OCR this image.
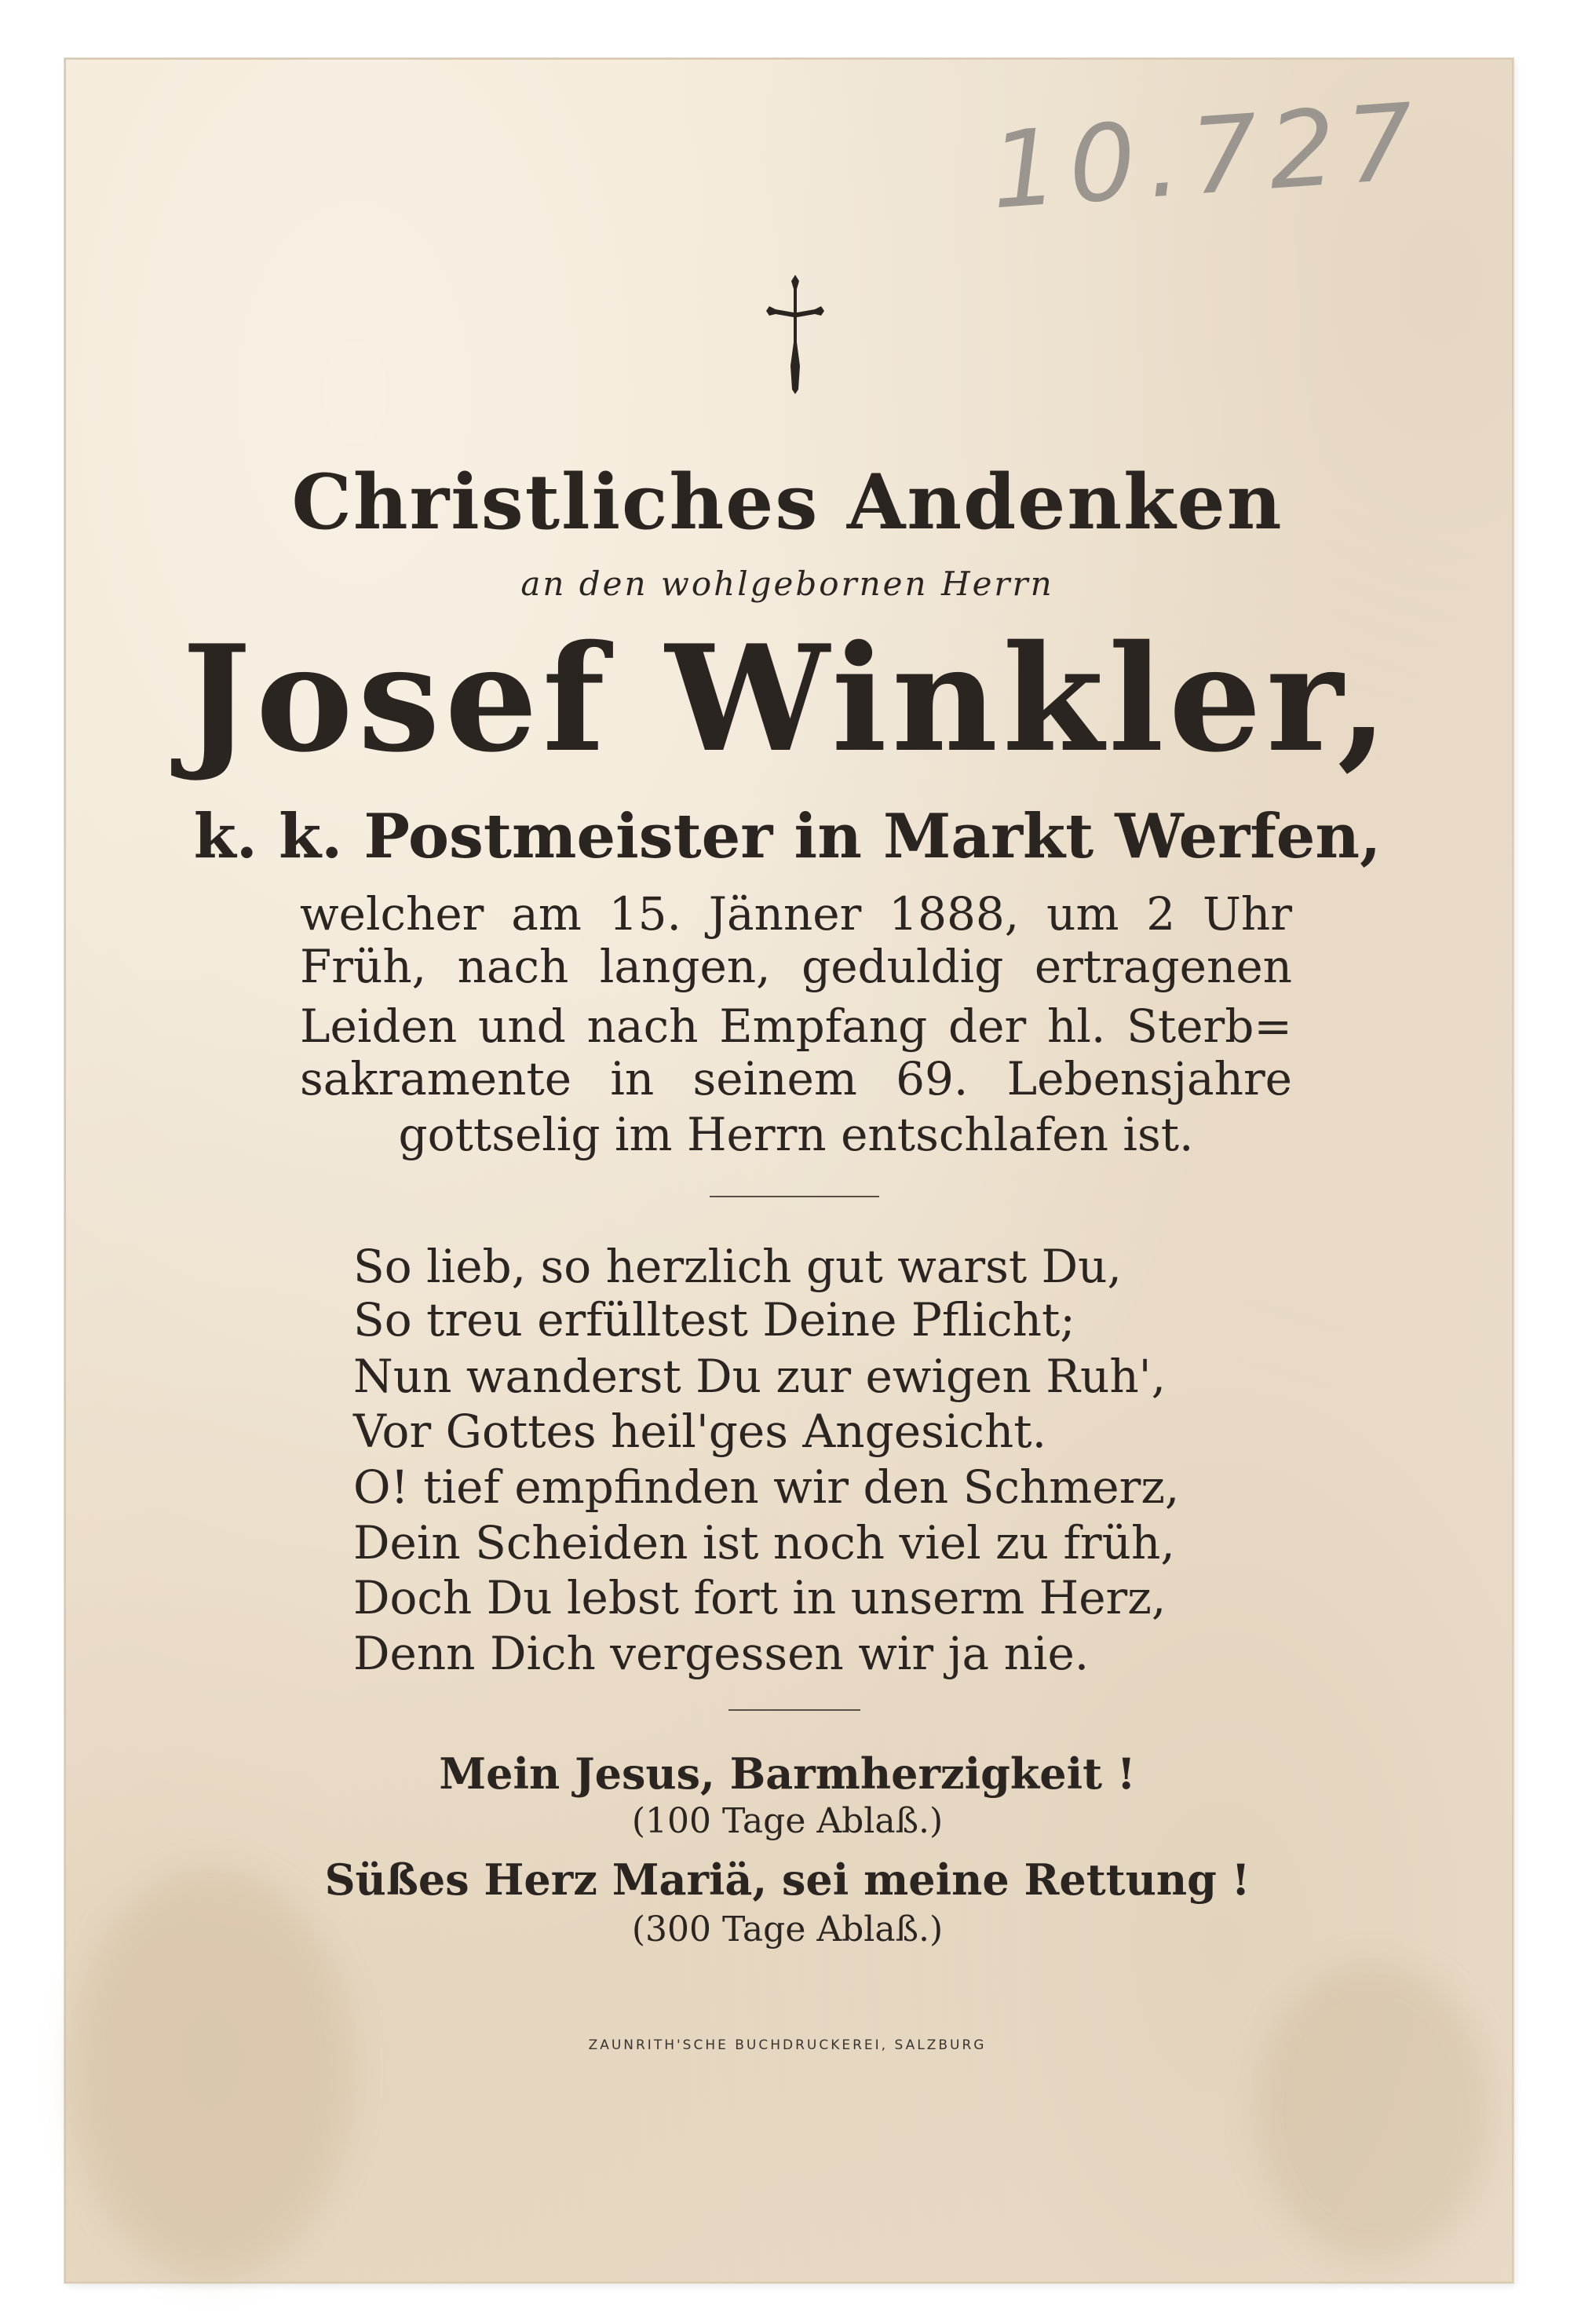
10.727
Christliches Andenken
an den wohlgebornen Herrn
Josef Winkler,
k. k. Postmeister in Markt Werfen,
welcher am 15. Jänner 1888, um 2 Uhr
Früh, nach langen, geduldig ertragenen
Leiden und nach Empfang der hl. Sterb=
sakramente in seinem 69. Lebensjahre
gottselig im Herrn entschlafen ist.
So lieb, so herzlich gut warst Du,
So treu erfülltest Deine Pflicht;
Nun wanderst Du zur ewigen Ruh',
Vor Gottes heil'ges Angesicht.
O! tief empfinden wir den Schmerz,
Dein Scheiden ist noch viel zu früh,
Doch Du lebst fort in unserm Herz,
Denn Dich vergessen wir ja nie.
Mein Jesus, Barmherzigkeit !
(100 Tage Ablaß.)
Süßes Herz Mariä, sei meine Rettung !
(300 Tage Ablaß.)
ZAUNRITH'SCHE BUCHDRUCKEREI, SALZBURG
